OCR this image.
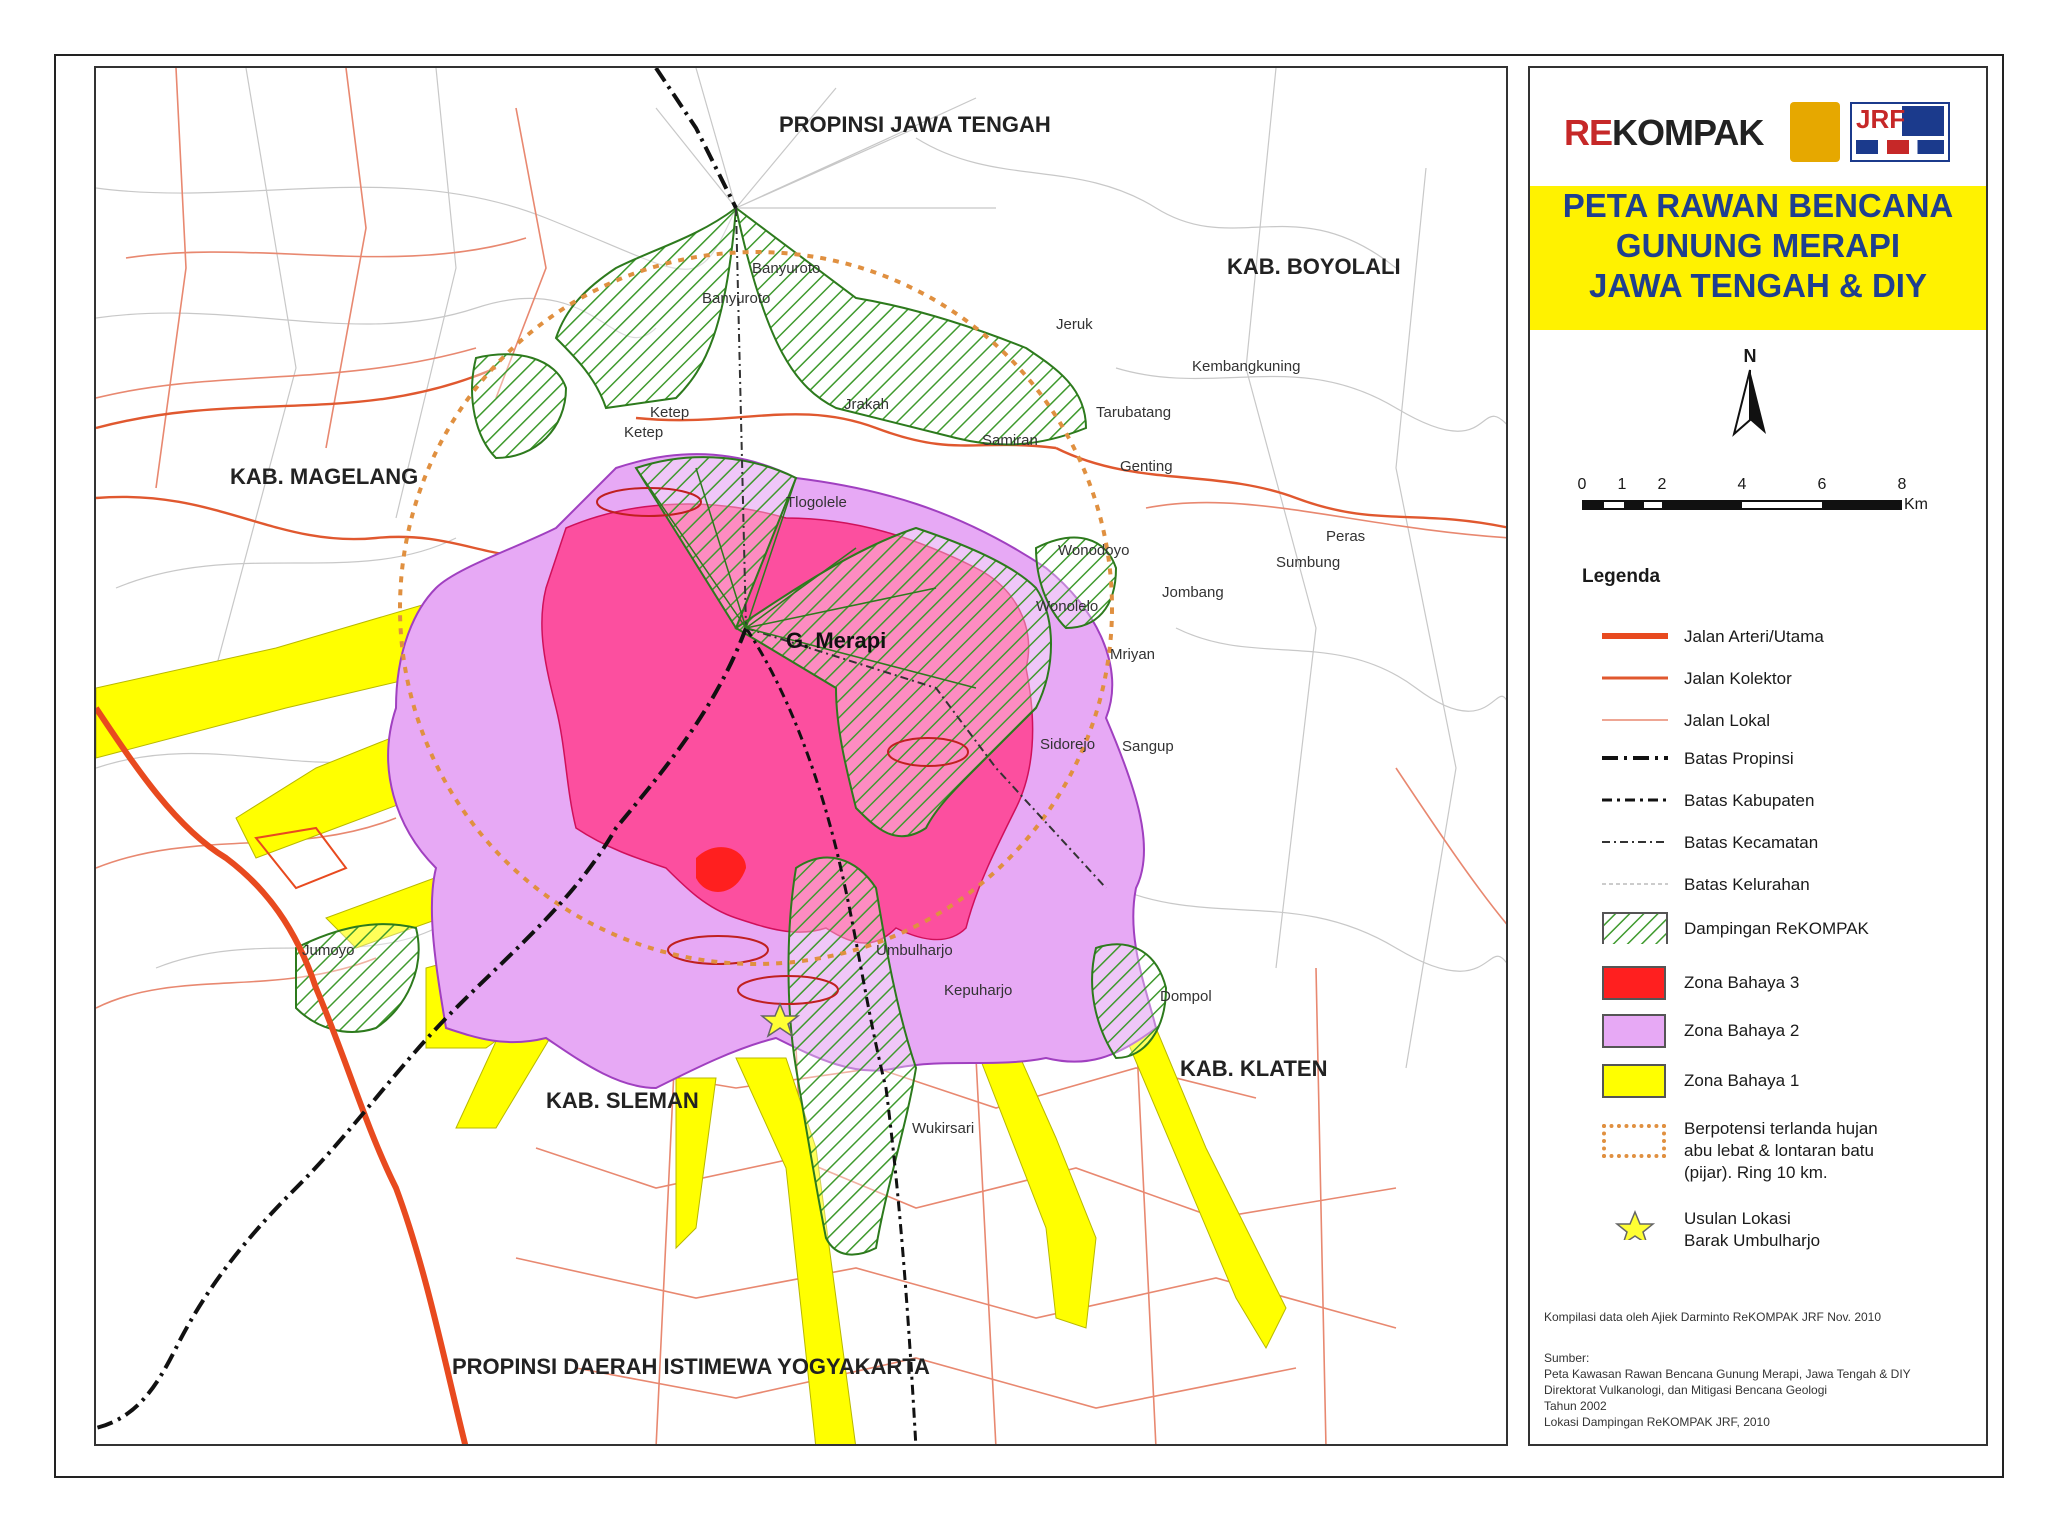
PROPINSI JAWA TENGAH
KAB. BOYOLALI
KAB. MAGELANG
KAB. SLEMAN
KAB. KLATEN
PROPINSI DAERAH ISTIMEWA YOGYAKARTA
G. Merapi
Banyuroto
Banyuroto
Jeruk
Kembangkuning
Ketep
Ketep
Jrakah	Tarubatang
Samiran
Genting
Tlogolele
Wonodoyo
Peras
Sumbung
Jombang
Wonolelo
Mriyan
Sidorejo Sangup
Jumoyo	Umbulharjo
Kepuharjo	Dompol
Wukirsari
REKOMPAK	JRF
PETA RAWAN BENCANA
GUNUNG MERAPI
JAWA TENGAH & DIY
N
0 1 2	4	6	8
Km
Legenda
Jalan Arteri/Utama
Jalan Kolektor
Jalan Lokal
Batas Propinsi
Batas Kabupaten
Batas Kecamatan
Batas Kelurahan
Dampingan ReKOMPAK
Zona Bahaya 3
Zona Bahaya 2
Zona Bahaya 1
Berpotensi terlanda hujan
abu lebat & lontaran batu
(pijar). Ring 10 km.
Usulan Lokasi
Barak Umbulharjo
Kompilasi data oleh Ajiek Darminto ReKOMPAK JRF Nov. 2010
Sumber:
Peta Kawasan Rawan Bencana Gunung Merapi, Jawa Tengah & DIY
Direktorat Vulkanologi, dan Mitigasi Bencana Geologi
Tahun 2002
Lokasi Dampingan ReKOMPAK JRF, 2010
